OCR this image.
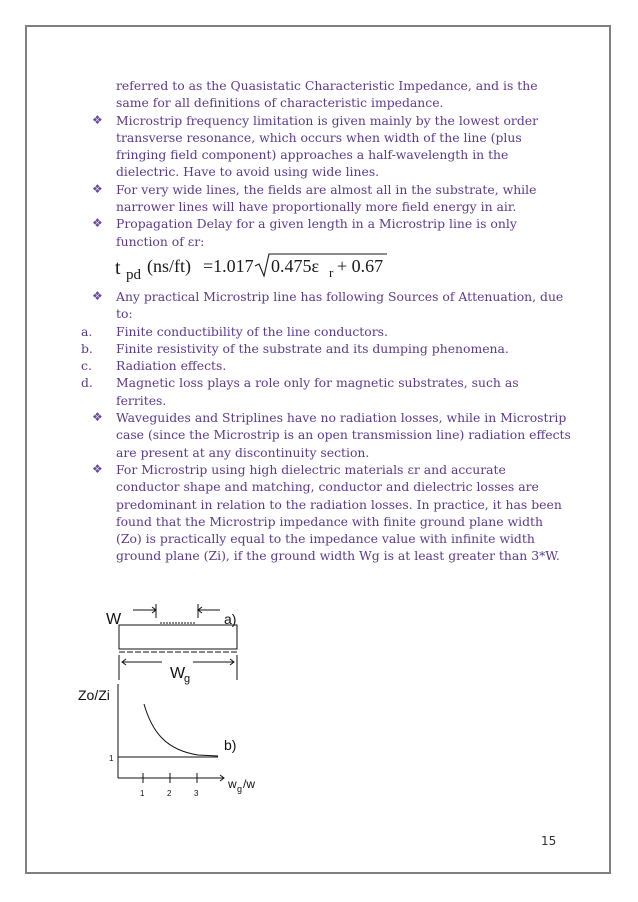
referred to as the Quasistatic Characteristic Impedance, and is the

same for all definitions of characteristic impedance.

❖ Microstrip frequency limitation is given mainly by the lowest order transverse resonance, which occurs when width of the line (plus fringing field component) approaches a half-wavelength in the dielectric. Have to avoid using wide lines.

❖ For very wide lines, the fields are almost all in the substrate, while narrower lines will have proportionally more field energy in air.

❖ Propagation Delay for a given length in a Microstrip line is only function of εr:

❖ Any practical Microstrip line has following Sources of Attenuation, due to:

a. Finite conductibility of the line conductors.

b. Finite resistivity of the substrate and its dumping phenomena.

c. Radiation effects.

d. Magnetic loss plays a role only for magnetic substrates, such as ferrites.

❖ Waveguides and Striplines have no radiation losses, while in Microstrip case (since the Microstrip is an open transmission line) radiation effects are present at any discontinuity section.

❖ For Microstrip using high dielectric materials εr and accurate conductor shape and matching, conductor and dielectric losses are predominant in relation to the radiation losses. In practice, it has been found that the Microstrip impedance with finite ground plane width (Zo) is practically equal to the impedance value with infinite width ground plane (Zi), if the ground width Wg is at least greater than 3*W.

t pd (ns/ft) =1.017 0.475ε r + 0.67
W	a)
W
g
Zo/Zi
b)
1
1	2	3
w g /w
15
